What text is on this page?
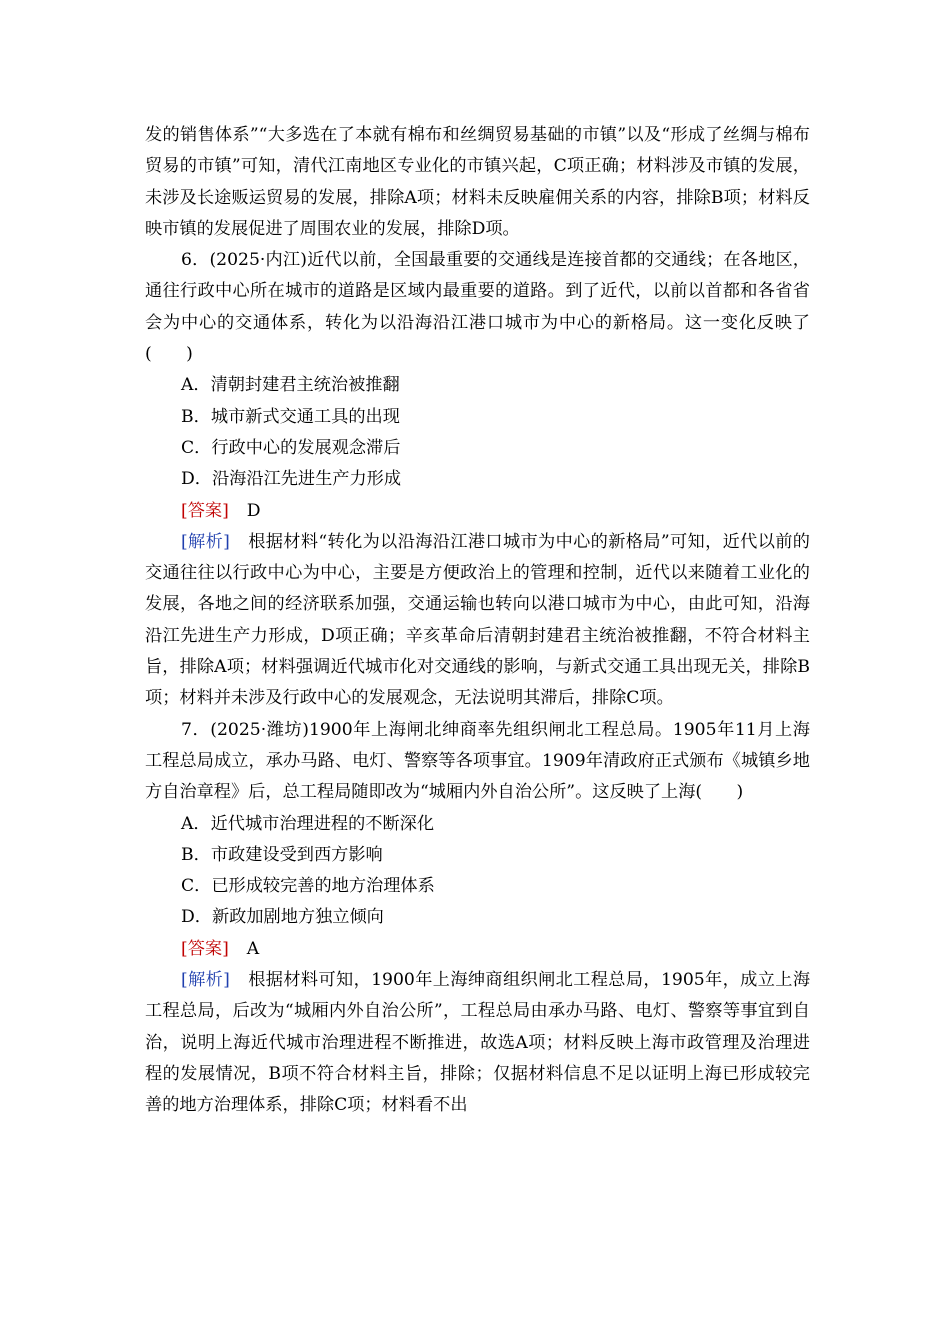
发的销售体系”“大多选在了本就有棉布和丝绸贸易基础的市镇”以及“形成了丝绸与棉布贸易的市镇”可知，清代江南地区专业化的市镇兴起，C项正确；材料涉及市镇的发展，未涉及长途贩运贸易的发展，排除A项；材料未反映雇佣关系的内容，排除B项；材料反映市镇的发展促进了周围农业的发展，排除D项。

6．(2025·内江)近代以前，全国最重要的交通线是连接首都的交通线；在各地区，通往行政中心所在城市的道路是区域内最重要的道路。到了近代，以前以首都和各省省会为中心的交通体系，转化为以沿海沿江港口城市为中心的新格局。这一变化反映了(　　)

A．清朝封建君主统治被推翻

B．城市新式交通工具的出现

C．行政中心的发展观念滞后

D．沿海沿江先进生产力形成

[答案] D

[解析] 根据材料“转化为以沿海沿江港口城市为中心的新格局”可知，近代以前的交通往往以行政中心为中心，主要是方便政治上的管理和控制，近代以来随着工业化的发展，各地之间的经济联系加强，交通运输也转向以港口城市为中心，由此可知，沿海沿江先进生产力形成，D项正确；辛亥革命后清朝封建君主统治被推翻，不符合材料主旨，排除A项；材料强调近代城市化对交通线的影响，与新式交通工具出现无关，排除B项；材料并未涉及行政中心的发展观念，无法说明其滞后，排除C项。

7．(2025·潍坊)1900年上海闸北绅商率先组织闸北工程总局。1905年11月上海工程总局成立，承办马路、电灯、警察等各项事宜。1909年清政府正式颁布《城镇乡地方自治章程》后，总工程局随即改为“城厢内外自治公所”。这反映了上海(　　)

A．近代城市治理进程的不断深化

B．市政建设受到西方影响

C．已形成较完善的地方治理体系

D．新政加剧地方独立倾向

[答案] A

[解析] 根据材料可知，1900年上海绅商组织闸北工程总局，1905年，成立上海工程总局，后改为“城厢内外自治公所”，工程总局由承办马路、电灯、警察等事宜到自治，说明上海近代城市治理进程不断推进，故选A项；材料反映上海市政管理及治理进程的发展情况，B项不符合材料主旨，排除；仅据材料信息不足以证明上海已形成较完善的地方治理体系，排除C项；材料看不出
